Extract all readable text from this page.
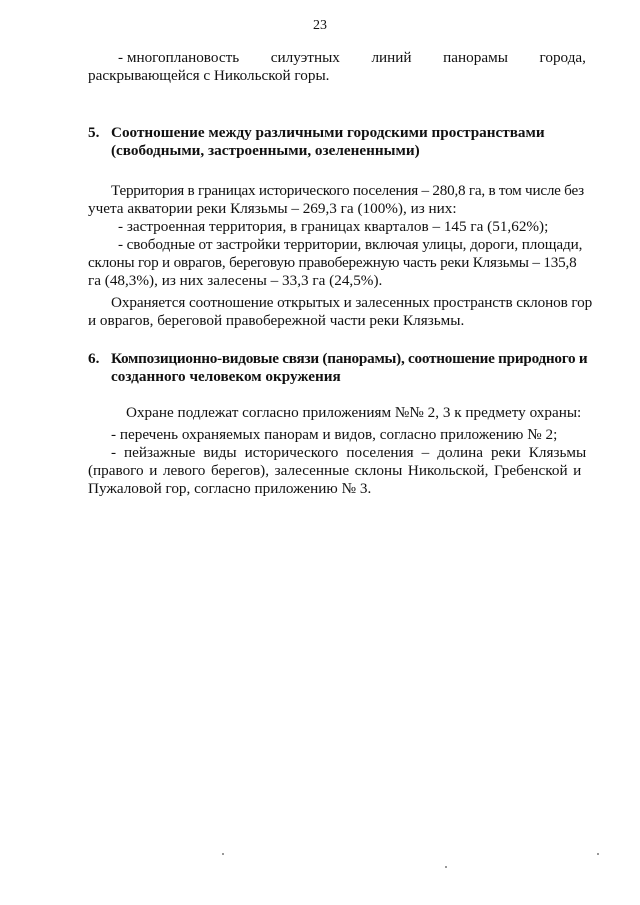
23
- многоплановость силуэтных линий панорамы города,
раскрывающейся с Никольской горы.
5. Соотношение между различными городскими пространствами
(свободными, застроенными, озелененными)
Территория в границах исторического поселения – 280,8 га, в том числе без
учета акватории реки Клязьмы – 269,3 га (100%), из них:
- застроенная территория, в границах кварталов – 145 га (51,62%);
- свободные от застройки территории, включая улицы, дороги, площади,
склоны гор и оврагов, береговую правобережную часть реки Клязьмы – 135,8
га (48,3%), из них залесены – 33,3 га (24,5%).
Охраняется соотношение открытых и залесенных пространств склонов гор
и оврагов, береговой правобережной части реки Клязьмы.
6. Композиционно-видовые связи (панорамы), соотношение природного и
созданного человеком окружения
Охране подлежат согласно приложениям №№ 2, 3 к предмету охраны:
- перечень охраняемых панорам и видов, согласно приложению № 2;
- пейзажные виды исторического поселения – долина реки Клязьмы
(правого и левого берегов), залесенные склоны Никольской, Гребенской и
Пужаловой гор, согласно приложению № 3.
